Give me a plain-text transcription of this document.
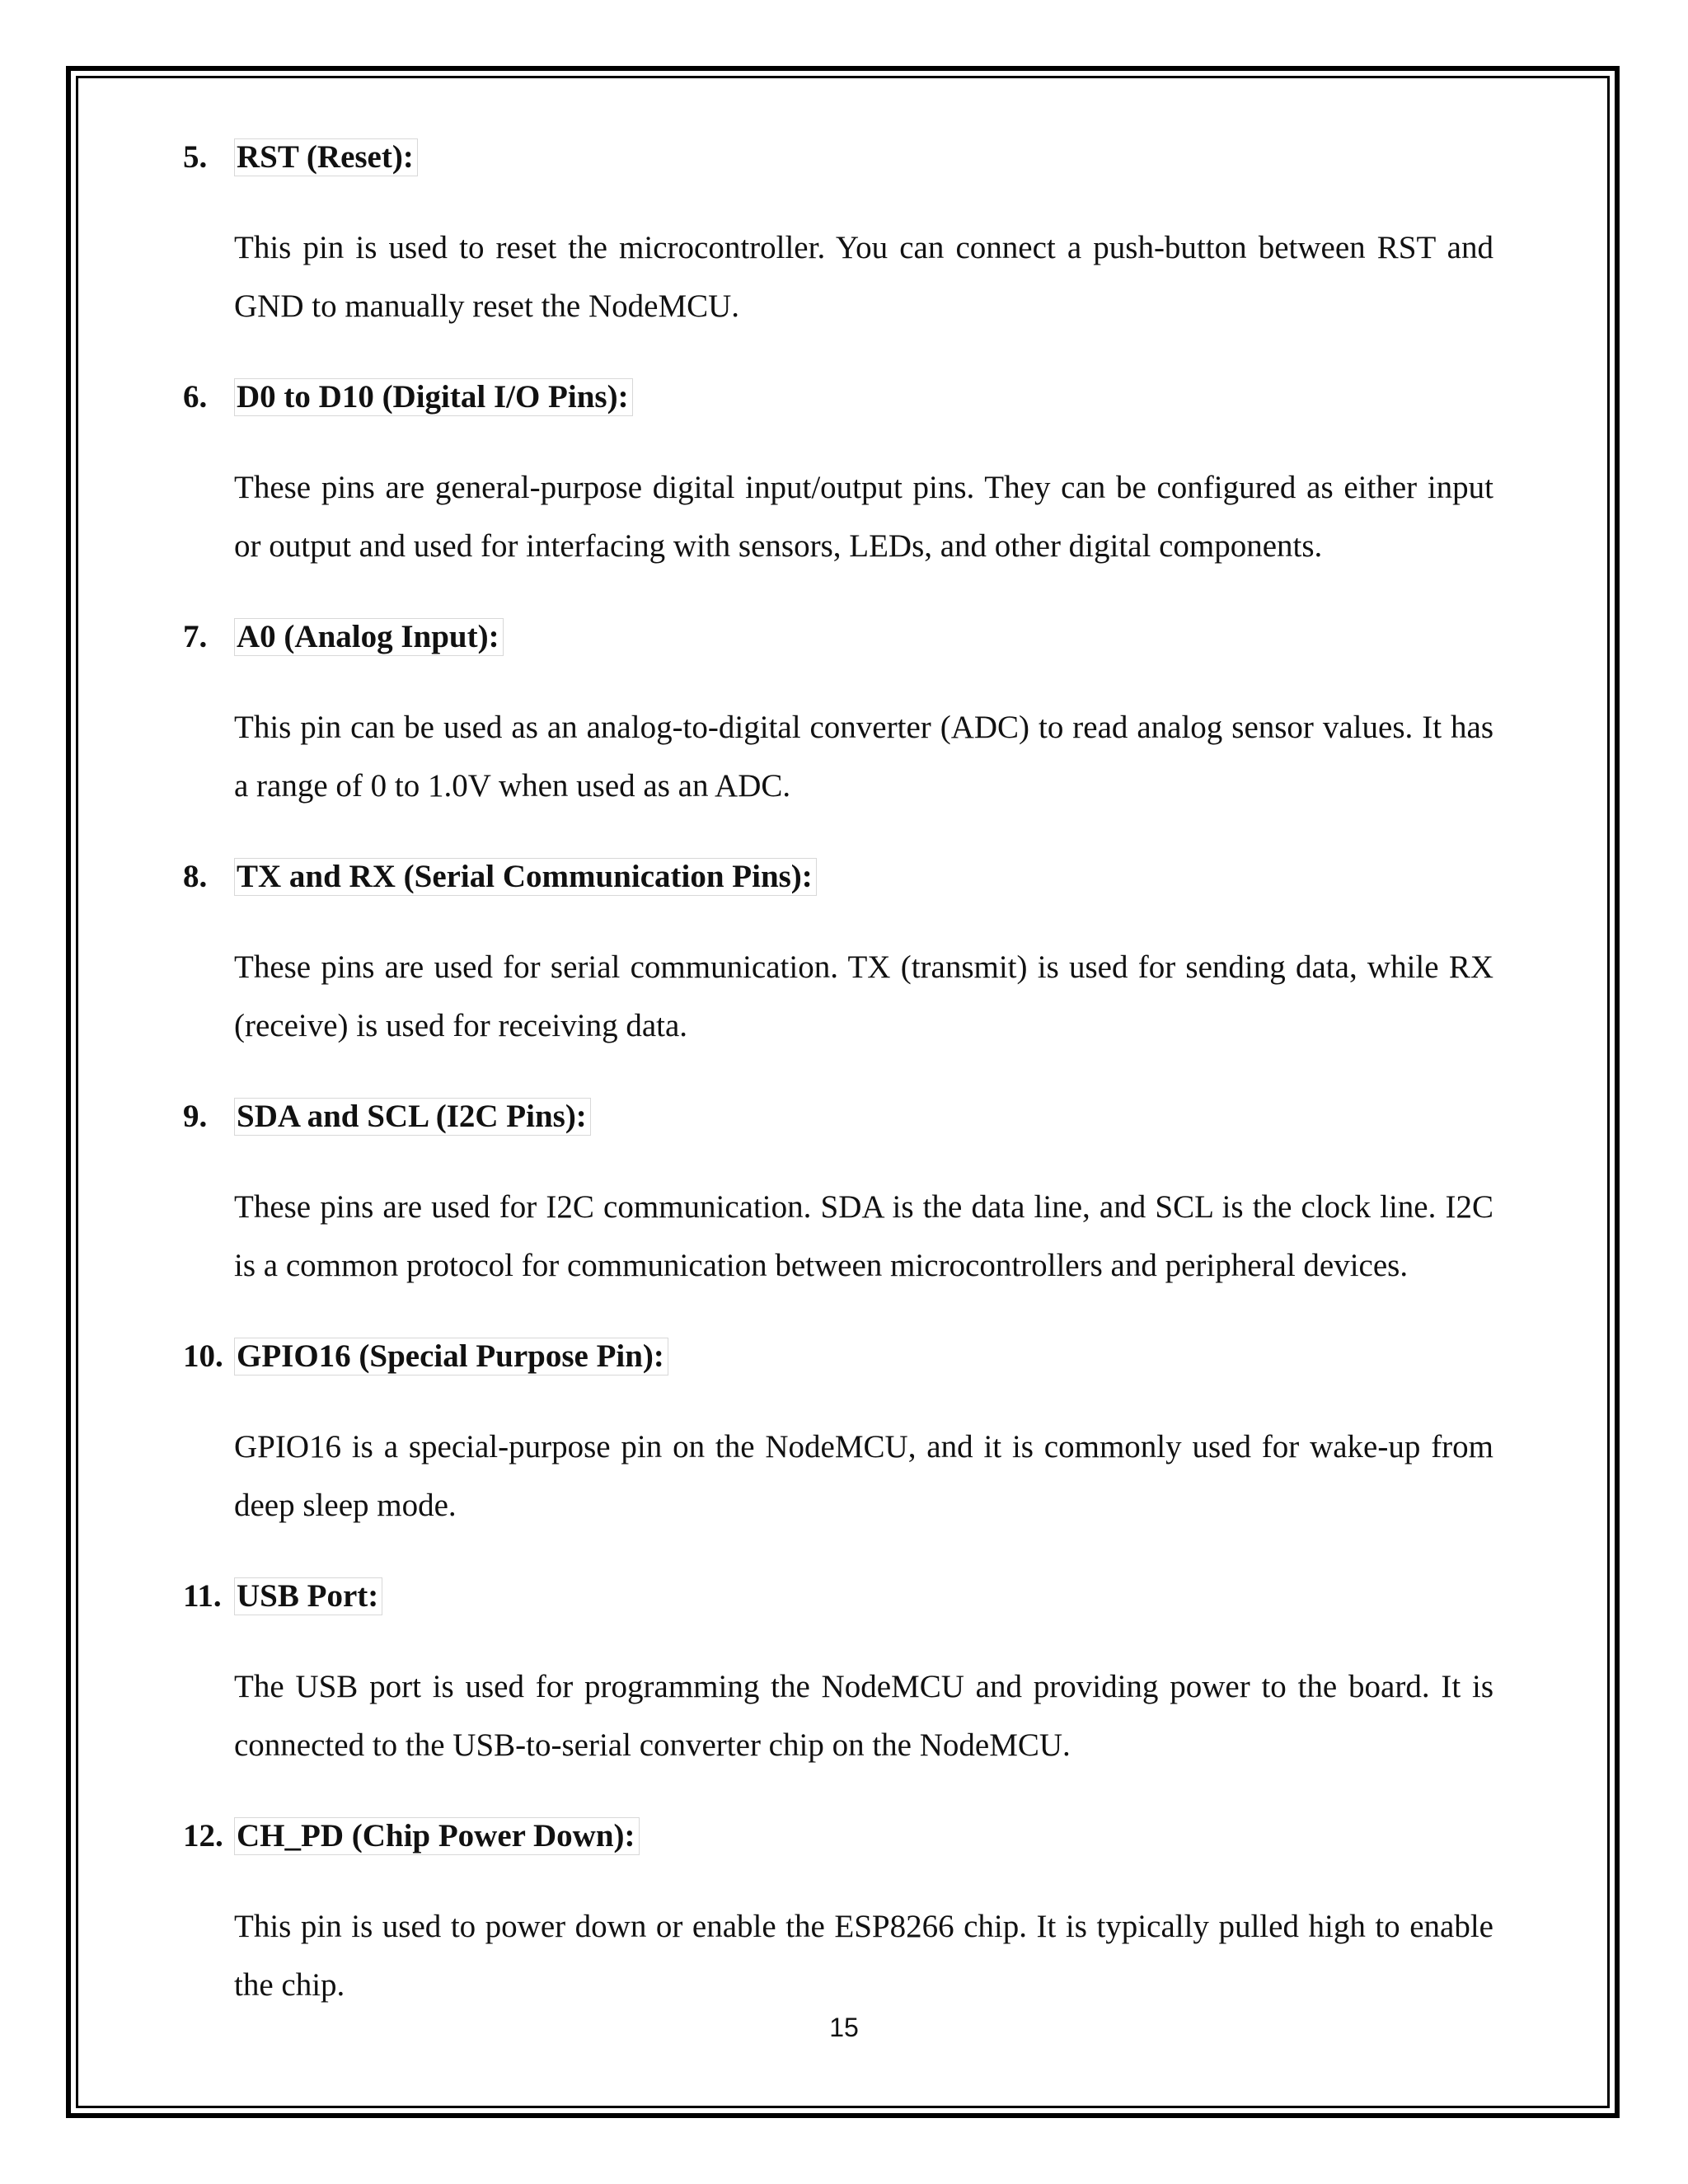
5. RST (Reset):

This pin is used to reset the microcontroller. You can connect a push-button between RST and GND to manually reset the NodeMCU.

6. D0 to D10 (Digital I/O Pins):

These pins are general-purpose digital input/output pins. They can be configured as either input or output and used for interfacing with sensors, LEDs, and other digital components.

7. A0 (Analog Input):

This pin can be used as an analog-to-digital converter (ADC) to read analog sensor values. It has a range of 0 to 1.0V when used as an ADC.

8. TX and RX (Serial Communication Pins):

These pins are used for serial communication. TX (transmit) is used for sending data, while RX (receive) is used for receiving data.

9. SDA and SCL (I2C Pins):

These pins are used for I2C communication. SDA is the data line, and SCL is the clock line. I2C is a common protocol for communication between microcontrollers and peripheral devices.

10. GPIO16 (Special Purpose Pin):

GPIO16 is a special-purpose pin on the NodeMCU, and it is commonly used for wake-up from deep sleep mode.

11. USB Port:

The USB port is used for programming the NodeMCU and providing power to the board. It is connected to the USB-to-serial converter chip on the NodeMCU.

12. CH_PD (Chip Power Down):

This pin is used to power down or enable the ESP8266 chip. It is typically pulled high to enable the chip.

15
